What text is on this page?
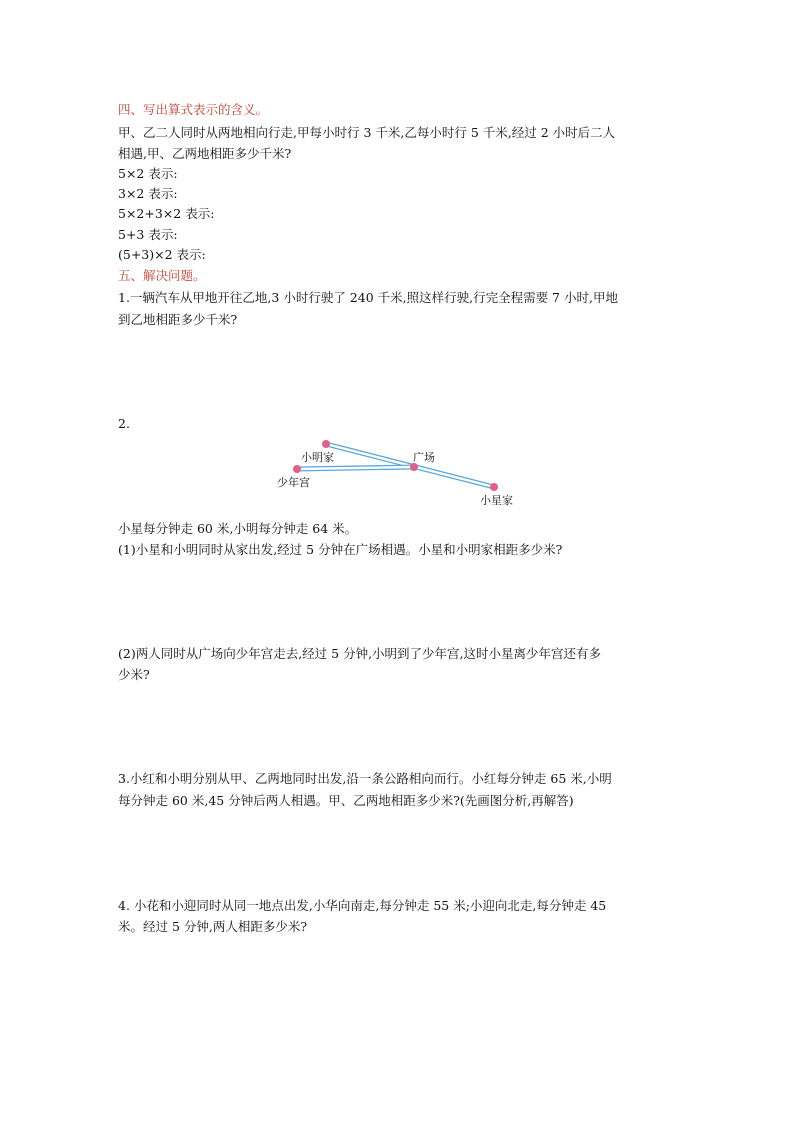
四、写出算式表示的含义。
甲、乙二人同时从两地相向行走,甲每小时行 3 千米,乙每小时行 5 千米,经过 2 小时后二人
相遇,甲、乙两地相距多少千米?
5×2 表示:
3×2 表示:
5×2+3×2 表示:
5+3 表示:
(5+3)×2 表示:
五、解决问题。
1.一辆汽车从甲地开往乙地,3 小时行驶了 240 千米,照这样行驶,行完全程需要 7 小时,甲地
到乙地相距多少千米?
2.
小明家	广场
少年宫
小星家
小星每分钟走 60 米,小明每分钟走 64 米。
(1)小星和小明同时从家出发,经过 5 分钟在广场相遇。小星和小明家相距多少米?
(2)两人同时从广场向少年宫走去,经过 5 分钟,小明到了少年宫,这时小星离少年宫还有多
少米?
3.小红和小明分别从甲、乙两地同时出发,沿一条公路相向而行。小红每分钟走 65 米,小明
每分钟走 60 米,45 分钟后两人相遇。甲、乙两地相距多少米?(先画图分析,再解答)
4. 小花和小迎同时从同一地点出发,小华向南走,每分钟走 55 米;小迎向北走,每分钟走 45
米。经过 5 分钟,两人相距多少米?
